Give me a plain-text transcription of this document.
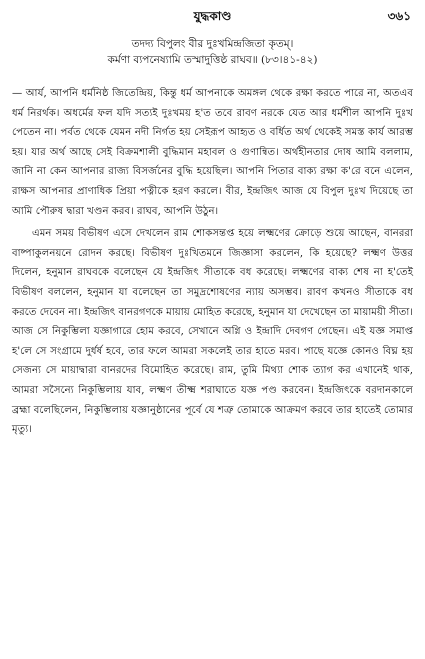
যুদ্ধকাণ্ড	৩৬১
তদদ্য বিপুলং বীর দুঃখমিন্দ্রজিতা কৃতম্।
কর্মণা ব্যপনেষ্যামি তস্মাদুত্তিষ্ঠ রাঘব॥ (৮৩।৪১-৪২)

— আর্য, আপনি ধর্মনিষ্ঠ জিতেন্দ্রিয়, কিন্তু ধর্ম আপনাকে অমঙ্গল থেকে রক্ষা করতে পারে না, অতএব ধর্ম নিরর্থক। অধর্মের ফল যদি সত্যই দুঃখময় হ'ত তবে রাবণ নরকে যেত আর ধর্মশীল আপনি দুঃখ পেতেন না। পর্বত থেকে যেমন নদী নির্গত হয় সেইরূপ আহৃত ও বর্ধিত অর্থ থেকেই সমস্ত কার্য আরম্ভ হয়। যার অর্থ আছে সেই বিক্রমশালী বুদ্ধিমান মহাবল ও গুণান্বিত। অর্থহীনতার দোষ আমি বললাম, জানি না কেন আপনার রাজ্য বিসর্জনের বুদ্ধি হয়েছিল। আপনি পিতার বাক্য রক্ষা ক'রে বনে এলেন, রাক্ষস আপনার প্রাণাধিক প্রিয়া পত্নীকে হরণ করলে। বীর, ইন্দ্রজিৎ আজ যে বিপুল দুঃখ দিয়েছে তা আমি পৌরুষ দ্বারা খণ্ডন করব। রাঘব, আপনি উঠুন।

এমন সময় বিভীষণ এসে দেখলেন রাম শোকসন্তপ্ত হয়ে লক্ষ্মণের ক্রোড়ে শুয়ে আছেন, বানররা বাষ্পাকুলনয়নে রোদন করছে। বিভীষণ দুঃখিতমনে জিজ্ঞাসা করলেন, কি হয়েছে? লক্ষ্মণ উত্তর দিলেন, হনুমান রাঘবকে বলেছেন যে ইন্দ্রজিৎ সীতাকে বধ করেছে। লক্ষ্মণের বাক্য শেষ না হ'তেই বিভীষণ বললেন, হনুমান যা বলেছেন তা সমুদ্রশোষণের ন্যায় অসম্ভব। রাবণ কখনও সীতাকে বধ করতে দেবেন না। ইন্দ্রজিৎ বানরগণকে মায়ায় মোহিত করেছে, হনুমান যা দেখেছেন তা মায়াময়ী সীতা। আজ সে নিকুম্ভিলা যজ্ঞাগারে হোম করবে, সেখানে অগ্নি ও ইন্দ্রাদি দেবগণ গেছেন। এই যজ্ঞ সমাপ্ত হ'লে সে সংগ্রামে দুর্ধর্ষ হবে, তার ফলে আমরা সকলেই তার হাতে মরব। পাছে যজ্ঞে কোনও বিঘ্ন হয় সেজন্য সে মায়াদ্বারা বানরদের বিমোহিত করেছে। রাম, তুমি মিথ্যা শোক ত্যাগ কর এখানেই থাক, আমরা সসৈন্যে নিকুম্ভিলায় যাব, লক্ষ্মণ তীক্ষ্ম শরাঘাতে যজ্ঞ পণ্ড করবেন। ইন্দ্রজিৎকে বরদানকালে ব্রহ্মা বলেছিলেন, নিকুম্ভিলায় যজ্ঞানুষ্ঠানের পূর্বে যে শত্রু তোমাকে আক্রমণ করবে তার হাতেই তোমার মৃত্যু।
